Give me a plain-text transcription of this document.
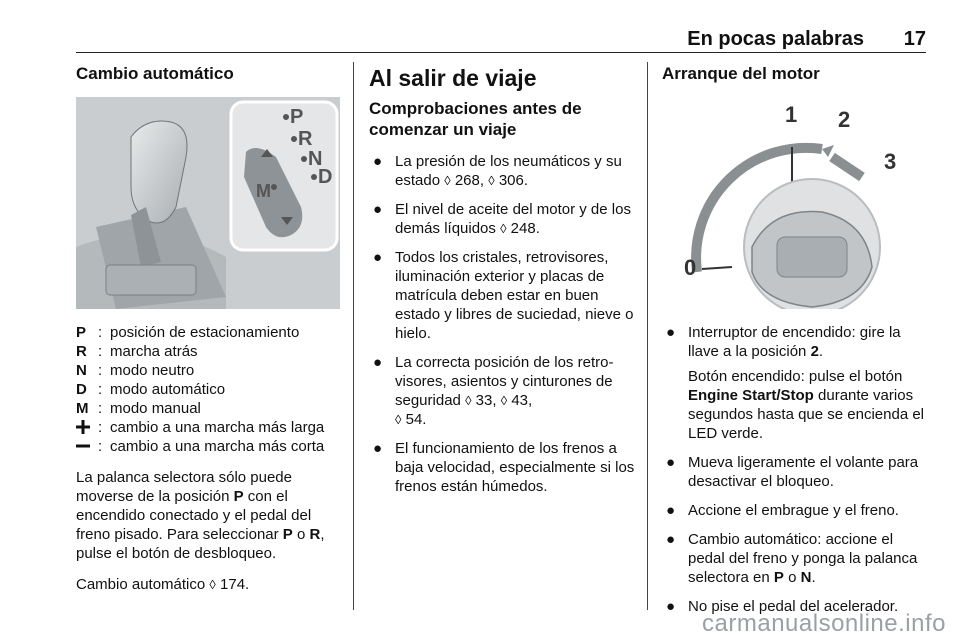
En pocas palabras 17
Cambio automático
P
R
N
D
M
P : posición de estacionamiento
R : marcha atrás
N : modo neutro
D : modo automático
M : modo manual
: cambio a una marcha más larga
: cambio a una marcha más corta

La palanca selectora sólo puede moverse de la posición P con el encendido conectado y el pedal del freno pisado. Para seleccionar P o R, pulse el botón de desbloqueo.

Cambio automático ◊ 174.

Al salir de viaje
Comprobaciones antes de comenzar un viaje
● La presión de los neumáticos y su estado ◊ 268, ◊ 306.
● El nivel de aceite del motor y de los demás líquidos ◊ 248.
● Todos los cristales, retrovisores, iluminación exterior y placas de matrícula deben estar en buen estado y libres de suciedad, nieve o hielo.
● La correcta posición de los retro-visores, asientos y cinturones de seguridad ◊ 33, ◊ 43,
◊ 54.
● El funcionamiento de los frenos a baja velocidad, especialmente si los frenos están húmedos.
Arranque del motor
0
1 2
3
● Interruptor de encendido: gire la llave a la posición 2.
Botón encendido: pulse el botón Engine Start/Stop durante varios segundos hasta que se encienda el LED verde.
● Mueva ligeramente el volante para desactivar el bloqueo.
● Accione el embrague y el freno.
● Cambio automático: accione el pedal del freno y ponga la palanca selectora en P o N.
● No pise el pedal del acelerador.
carmanualsonline.info
